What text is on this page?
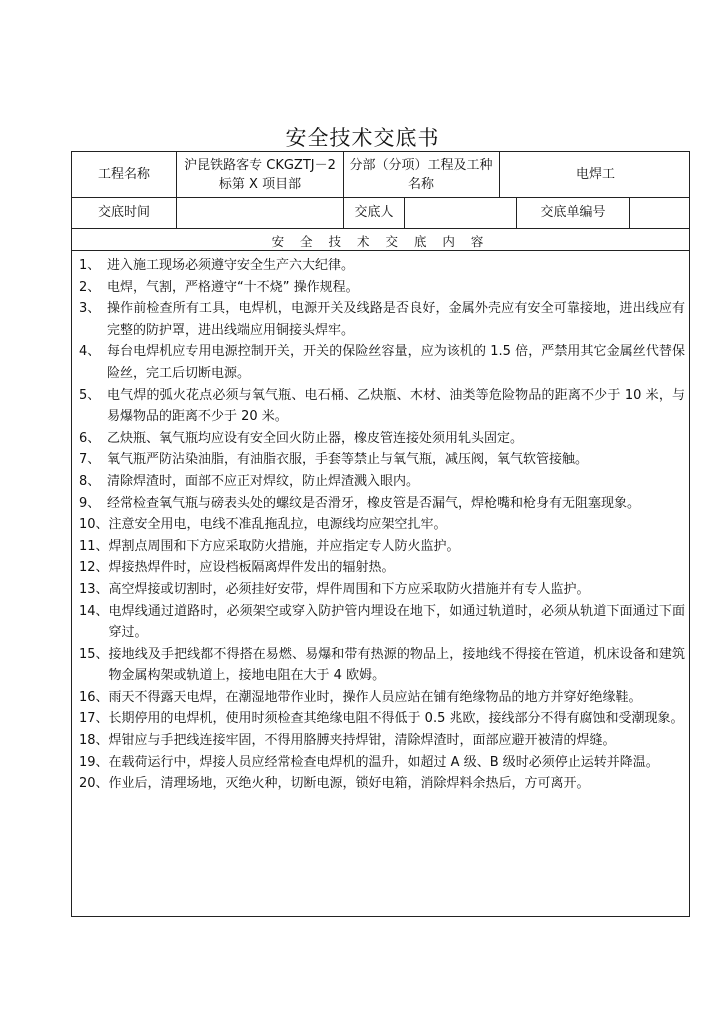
安全技术交底书
工程名称
沪昆铁路客专 CKGZTJ－2 标第 X 项目部
分部（分项）工程及工种名称
电焊工
交底时间	交底人	交底单编号
安 全 技 术 交 底 内 容
1、 进入施工现场必须遵守安全生产六大纪律。
2、 电焊，气割，严格遵守“十不烧” 操作规程。
3、 操作前检查所有工具，电焊机，电源开关及线路是否良好，金属外壳应有安全可靠接地，进出线应有完整的防护罩，进出线端应用铜接头焊牢。
4、 每台电焊机应专用电源控制开关，开关的保险丝容量，应为该机的 1.5 倍，严禁用其它金属丝代替保险丝，完工后切断电源。
5、 电气焊的弧火花点必须与氧气瓶、电石桶、乙炔瓶、木材、油类等危险物品的距离不少于 10 米，与易爆物品的距离不少于 20 米。
6、 乙炔瓶、氧气瓶均应设有安全回火防止器，橡皮管连接处须用轧头固定。
7、 氧气瓶严防沾染油脂，有油脂衣服，手套等禁止与氧气瓶，减压阀，氧气软管接触。
8、 清除焊渣时，面部不应正对焊纹，防止焊渣溅入眼内。
9、 经常检查氧气瓶与磅表头处的螺纹是否滑牙，橡皮管是否漏气，焊枪嘴和枪身有无阻塞现象。
10、 注意安全用电，电线不准乱拖乱拉，电源线均应架空扎牢。
11、 焊割点周围和下方应采取防火措施，并应指定专人防火监护。
12、 焊接热焊件时，应设档板隔离焊件发出的辐射热。
13、 高空焊接或切割时，必须挂好安带，焊件周围和下方应采取防火措施并有专人监护。
14、 电焊线通过道路时，必须架空或穿入防护管内埋设在地下，如通过轨道时，必须从轨道下面通过下面穿过。
15、 接地线及手把线都不得搭在易燃、易爆和带有热源的物品上，接地线不得接在管道，机床设备和建筑物金属构架或轨道上，接地电阻在大于 4 欧姆。
16、 雨天不得露天电焊，在潮湿地带作业时，操作人员应站在铺有绝缘物品的地方并穿好绝缘鞋。
17、 长期停用的电焊机，使用时须检查其绝缘电阻不得低于 0.5 兆欧，接线部分不得有腐蚀和受潮现象。
18、 焊钳应与手把线连接牢固，不得用胳膊夹持焊钳，清除焊渣时，面部应避开被清的焊缝。
19、 在载荷运行中，焊接人员应经常检查电焊机的温升，如超过 A 级、B 级时必须停止运转并降温。
20、 作业后，清理场地，灭绝火种，切断电源，锁好电箱，消除焊料余热后，方可离开。
